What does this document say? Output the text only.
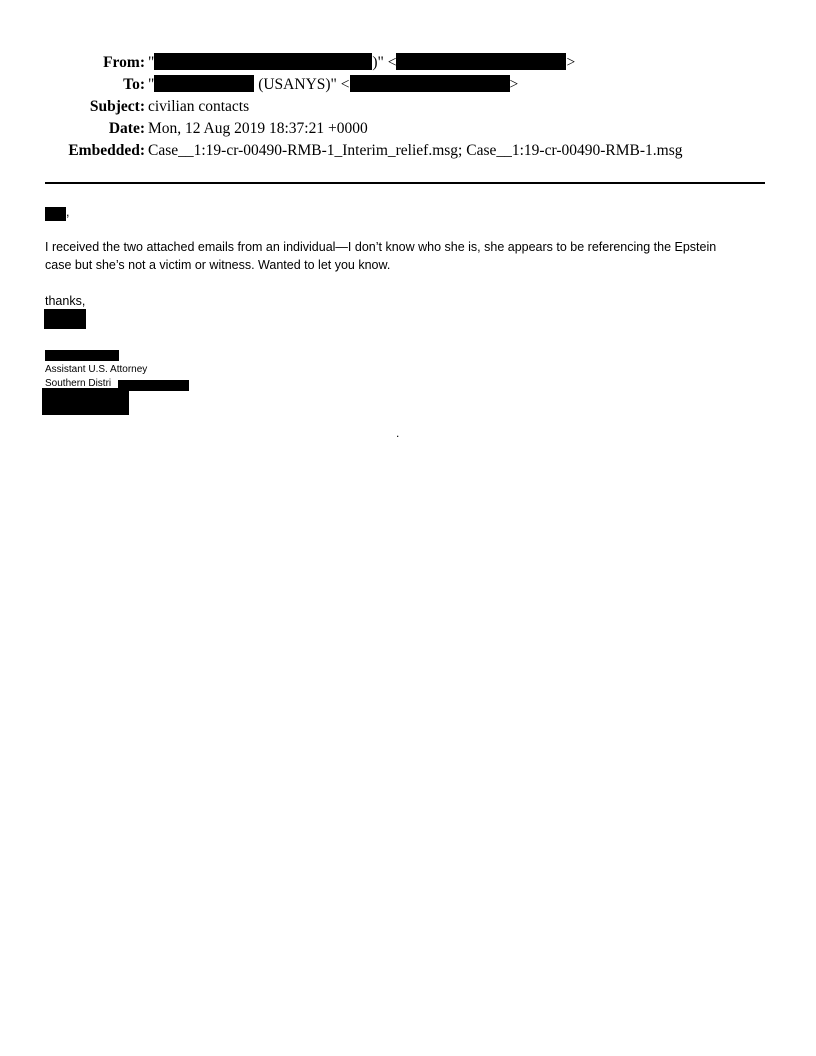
From: "	)" <	>
To: "	(USANYS)" <	>
Subject: civilian contacts
Date: Mon, 12 Aug 2019 18:37:21 +0000
Embedded: Case__1:19-cr-00490-RMB-1_Interim_relief.msg; Case__1:19-cr-00490-RMB-1.msg
,
I received the two attached emails from an individual—I don’t know who she is, she appears to be referencing the Epstein
case but she’s not a victim or witness. Wanted to let you know.
thanks,
Assistant U.S. Attorney
Southern Distri
.
